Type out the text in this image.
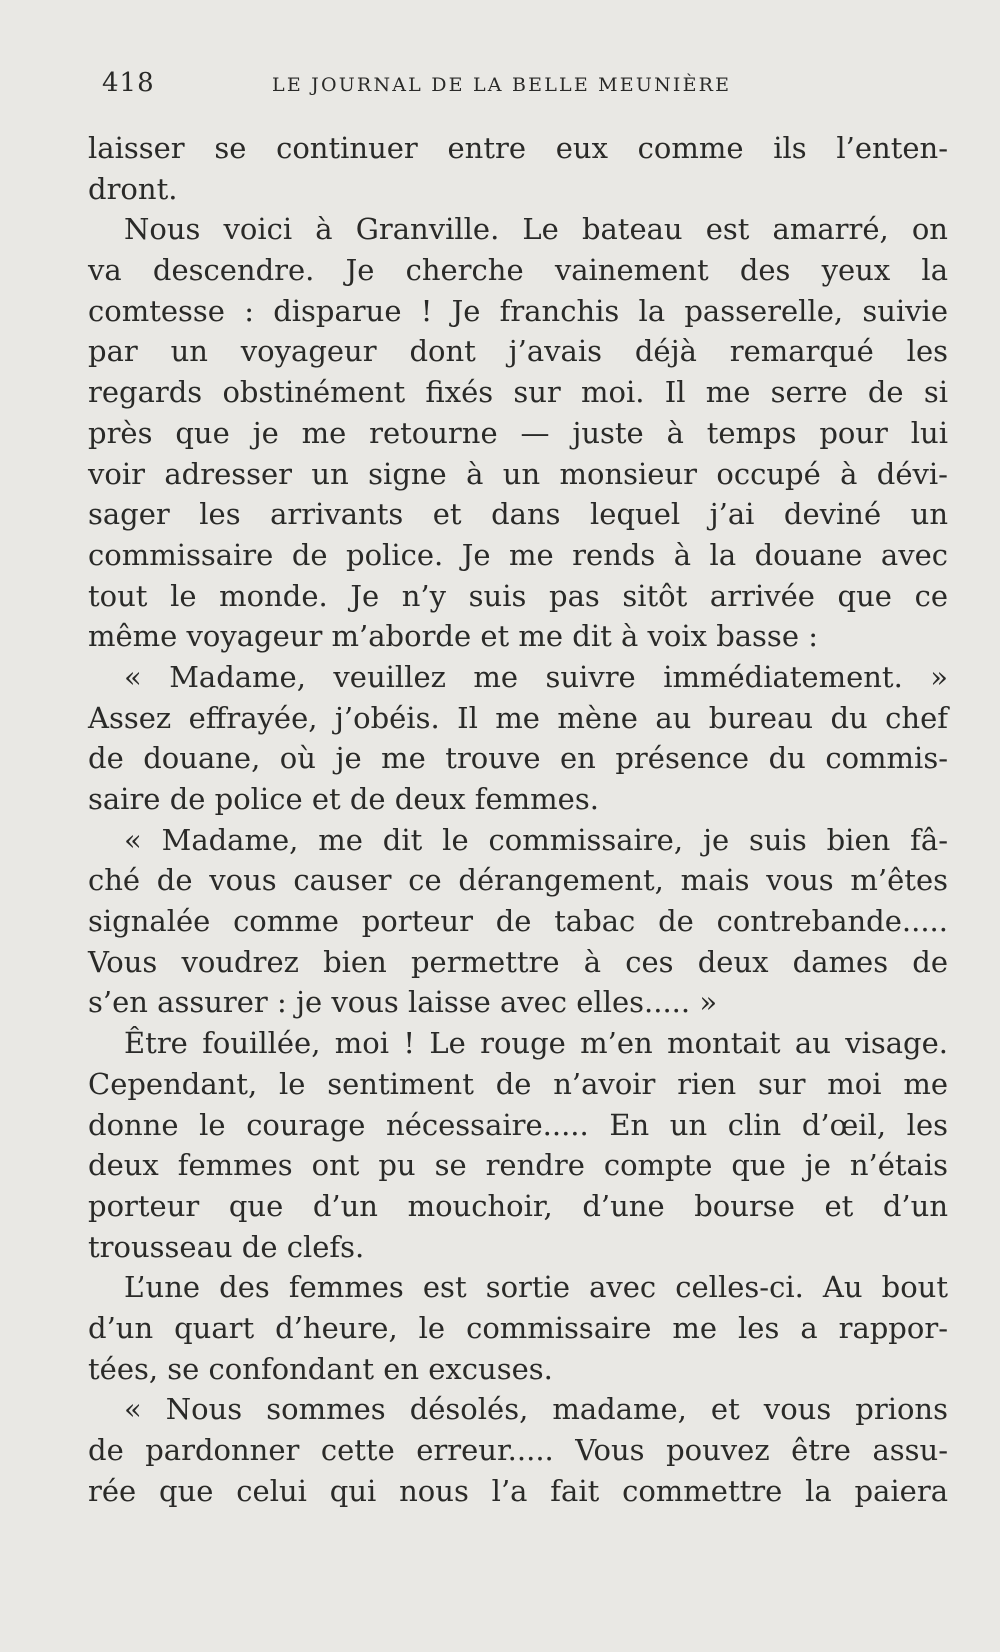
418	LE JOURNAL DE LA BELLE MEUNIÈRE
laisser se continuer entre eux comme ils l’enten-
dront.
Nous voici à Granville. Le bateau est amarré, on
va descendre. Je cherche vainement des yeux la
comtesse : disparue ! Je franchis la passerelle, suivie
par un voyageur dont j’avais déjà remarqué les
regards obstinément fixés sur moi. Il me serre de si
près que je me retourne — juste à temps pour lui
voir adresser un signe à un monsieur occupé à dévi-
sager les arrivants et dans lequel j’ai deviné un
commissaire de police. Je me rends à la douane avec
tout le monde. Je n’y suis pas sitôt arrivée que ce
même voyageur m’aborde et me dit à voix basse :
« Madame, veuillez me suivre immédiatement. »
Assez effrayée, j’obéis. Il me mène au bureau du chef
de douane, où je me trouve en présence du commis-
saire de police et de deux femmes.
« Madame, me dit le commissaire, je suis bien fâ-
ché de vous causer ce dérangement, mais vous m’êtes
signalée comme porteur de tabac de contrebande.....
Vous voudrez bien permettre à ces deux dames de
s’en assurer : je vous laisse avec elles..... »
Être fouillée, moi ! Le rouge m’en montait au visage.
Cependant, le sentiment de n’avoir rien sur moi me
donne le courage nécessaire..... En un clin d’œil, les
deux femmes ont pu se rendre compte que je n’étais
porteur que d’un mouchoir, d’une bourse et d’un
trousseau de clefs.
L’une des femmes est sortie avec celles-ci. Au bout
d’un quart d’heure, le commissaire me les a rappor-
tées, se confondant en excuses.
« Nous sommes désolés, madame, et vous prions
de pardonner cette erreur..... Vous pouvez être assu-
rée que celui qui nous l’a fait commettre la paiera
